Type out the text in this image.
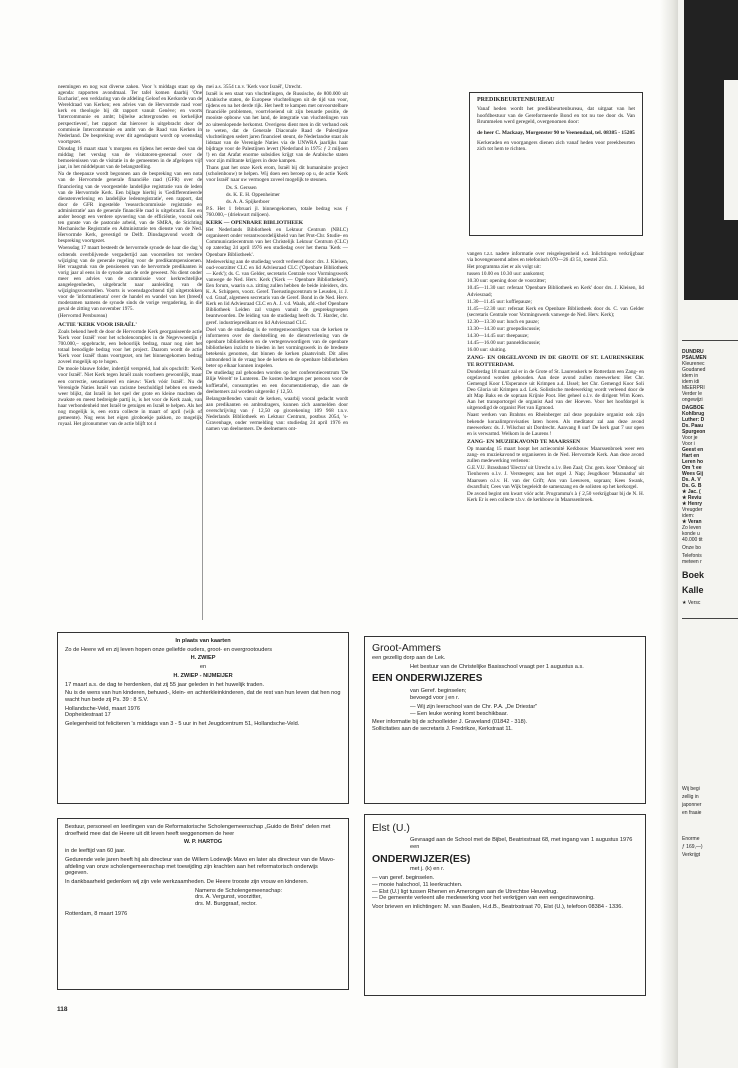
neemingen en nog wat diverse zaken. Voor 's middags staat op de agenda: rapporten avondmaal. Ter tafel komen daarbij 'One Eucharist', een verklaring van de afdeling Geloof en Kerkorde van de Wereldraad van Kerken; een advies van de Hervormde raad voor kerk en theologie bij dit rapport vanuit Genève; en voorts 'Intercommunie en ambt; bijbelse achtergronden en kerkelijke perspectieven', het rapport dat hierover is uitgebracht door de commissie Intercommunie en ambt van de Raad van Kerken in Nederland. De bespreking over dit agendapunt wordt op woensdag voortgezet.

Dinsdag 16 maart staat 's morgens en tijdens het eerste deel van de middag het verslag van de visitatoren-generaal over de bemoeienissen van de visitatie in de gemeenten in de afgelopen vijf jaar, in het middelpunt van de belangstelling.

Na de theepauze wordt begonnen aan de bespreking van een nota van de Hervormde generale financiële raad (GFR) over de financiering van de voorgestelde landelijke registratie van de leden van de Hervormde Kerk. Een bijlage hierbij is 'Gedifferentieerde dienstenverlening en landelijke ledenregistratie', een rapport, dat door de GFR ingestelde 'researchcommissie registratie en administratie' aan de generale financiële raad is uitgebracht. Een en ander beoogt een verdere opvoering van de efficiëntie, vooral ook ten gunste van de pastorale arbeid, van de SMRA, de Stichting Mechanische Registratie en Administratie ten dienste van de Ned. Hervormde Kerk, gevestigd te Delft. Dinsdagavond wordt de bespreking voortgezet.

Woensdag 17 maart besteedt de hervormde synode de haar die dag 's ochtends overblijvende vergadertijd aan voorstellen tot verdere wijziging van de generale regeling voor de predikantspensioenen. Het vraagstuk van de pensioenen van de hervormde predikanten is vorig jaar al eens in de synode aan de orde geweest. Nu dient onder meer een advies van de commissie voor kerkrechtelijke aangelegenheden, uitgebracht naar aanleiding van de wijzigingsvoorstellen. Voorts is woensdagochtend tijd uitgetrokken voor de 'informatienota' over de handel en wandel van het (breed) moderamen namens de synode sinds de vorige vergadering, in die geval de zitting van november 1975.

(Hervormd Persbureau)

ACTIE 'KERK VOOR ISRAËL'

Zoals bekend heeft de door de Hervormde Kerk georganiseerde actie 'Kerk voor Israël' voor het scholencomplex in de Negevwoestijn ƒ 700.000,– opgebracht, een behoorlijk bedrag, maar nog niet het totaal benodigde bedrag voor het project. Daarom wordt de actie 'Kerk voor Israël' thans voortgezet, om het binnengekomen bedrag zoveel mogelijk op te hogen.

De mooie blauwe folder, indertijd verspreid, had als opschrift: 'Kerk voor Israël'. Niet Kerk tegen Israël zoals voorheen gewoonlijk, maar een correctie, sensationeel en nieuw: 'Kerk vóór Israël'. Nu de Verenigde Naties Israël van racisme beschuldigd hebben en steeds weer blijkt, dat Israël in het spel der grote en kleine machten de zwakste en meest bedreigde partij is, is het voor de Kerk zaak, van haar verbondenheid met Israël te getuigen en Israël te helpen. Als het nog mogelijk is, een extra collecte in maart of april (wijk of gemeente). Nog eens het eigen giroboekje pakken, zo mogelijk royaal. Het gironummer van de actie blijft tot 4

mei a.s. 3554 t.n.v. 'Kerk voor Israël', Utrecht.

Israël is een staat van vluchtelingen, de Russische, de 800.000 uit Arabische staten, de Europese vluchtelingen uit de tijd van voor, tijdens en na het derde rijk. Het heeft te kampen met onvoorstelbare financiële problemen, voortvloeiend uit zijn benarde positie, de mooiste opbouw van het land, de integratie van vluchtelingen van zo uiteenlopende herkomst. Overigens dient men in dit verband ook te weten, dat de Generale Diaconale Raad de Palestijnse vluchtelingen sedert jaren financieel steunt, de Nederlandse staat als lidstaat van de Verenigde Naties via de UNWRA jaarlijks haar bijdrage voor de Palestijnen levert (Nederland in 1975: ƒ 2 miljoen !) en dat Arafat enorme subsidies krijgt van de Arabische staten voor zijn militante krijgers in deze kampen.

Thans gaat het onze Kerk erom, Israël bij dit humanitaire project (scholenbouw) te helpen. Wij doen een beroep op u, de actie 'Kerk voor Israël' naar uw vermogen zoveel mogelijk te steunen.

Ds. S. Gerssen

ds. K. E. H. Oppenheimer

ds. A. A. Spijkerboer

P.S. Het 1 februari jl. binnengekomen, totale bedrag was ƒ 760.000,– (driekwart miljoen).

KERK — OPENBARE BIBLIOTHEEK

Het Nederlands Bibliotheek en Lektuur Centrum (NBLC) organiseert onder verantwoordelijkheid van het Prot-Chr. Studie- en Communicatiecentrum van het Christelijk Lektuur Centrum (CLC) op zaterdag 24 april 1976 een studiedag over het thema 'Kerk — Openbare Bibliotheek'.

Medewerking aan de studiedag wordt verleend door: drs. J. Kleisen, oud-voorzitter CLC en lid Adviesraad CLC ('Openbare Bibliotheek — Kerk'); ds. C. van Gelder, secretaris Centrale voor Vormingswerk vanwege de Ned. Herv. Kerk ('Kerk — Openbare Bibliotheken'). Een forum, waarin o.a. zitting zullen hebben de beide inleiders, drs. K. A. Schippers, voorz. Geref. Toerustingscentrum te Leusden, ir. J. v.d. Graaf, algemeen secretaris van de Geref. Bond in de Ned. Herv. Kerk en lid Adviesraad CLC en A. J. v.d. Waals, afd.-chef Openbare Bibliotheek Leiden zal vragen vanuit de gespreksgroepen beantwoorden. De leiding van de studiedag heeft ds. T. Harder, chr. geref. industriepredikant en lid Adviesraad CLC.

Doel van de studiedag is de vertegenwoordigers van de kerken te informeren over de doelstelling en de dienstverlening van de openbare bibliotheken en de vertegenwoordigers van de openbare bibliotheken inzicht te bieden in het vormingswerk in de bredeste betekenis genomen, dat binnen de kerken plaatsvindt. Dit alles uitmondend in de vraag hoe de kerken en de openbare bibliotheken beter op elkaar kunnen inspelen.

De studiedag zal gehouden worden op het conferentiecentrum 'De Blije Werelt' te Lunteren. De kosten bedragen per persoon voor de koffietafel, consumpties en een documentatiemap, die aan de deelnemers zal worden uitgereikt ƒ 12,50.

Belangstellenden vanuit de kerken, waarbij vooral gedacht wordt aan predikanten en ambtsdragers, kunnen zich aanmelden door overschrijving van ƒ 12,50 op girorekening 109 968 t.n.v. Nederlands Bibliotheek en Lektuur Centrum, postbus 2054, 's-Gravenhage, onder vermelding van: studiedag 24 april 1976 en namen van deelnemers. De deelnemers ont-

PREDIKBEURTENBUREAU

Vanaf heden wordt het predikbeurtenbureau, dat uitgaat van het hoofdbestuur van de Gereformeerde Bond en tot nu toe door ds. Van Brummelen werd geregeld, overgenomen door:

de heer C. Mackaay, Morgenster 90 te Veenendaal, tel. 08385 - 15205

Kerkeraden en voorgangers dienen zich vanaf heden voor preekbeurten zich tot hem te richten.

vangen t.z.t. nadere informatie over reisgelegenheid e.d. Inlichtingen verkrijgbaar via bovengenoemd adres en telefonisch 070—26 43 51, toestel 253.

Het programma ziet er als volgt uit:

tussen 10.00 en 10.30 uur: aankomst;

10.30 uur: opening door de voorzitter;

10.45—11.30 uur: referaat 'Openbare Bibliotheek en Kerk' door drs. J. Kleisen, lid Adviesraad;

11.30—11.45 uur: koffiepauze;

11.45—12.30 uur: referaat Kerk en Openbare Bibliotheek door ds. C. van Gelder (secretaris Centrale voor Vormingswerk vanwege de Ned. Herv. Kerk);

12.30—13.30 uur: lunch en pauze;

13.30—14.30 uur: groepsdiscussie;

14.30—14.45 uur: theepauze;

14.45—16.00 uur: panneldiscussie;

16.00 uur: sluiting.

ZANG- EN ORGELAVOND IN DE GROTE OF ST. LAURENSKERK TE ROTTERDAM.

Donderdag 18 maart zal er in de Grote of St. Laurenskerk te Rotterdam een Zang- en orgelavond worden gehouden. Aan deze avond zullen meewerken: Het Chr. Gemengd Koor L'Esperance uit Krimpen a.d. IJssel; het Chr. Gemengd Koor Soli Deo Gloria uit Krimpen a.d. Lek. Solistische medewerking wordt verleend door de alt Map Baks en de sopraan Krijnie Poot. Het geheel o.l.v. de dirigent Wim Koen. Aan het transportorgel de organist Aad van der Hoeven. Voor het hoofdorgel is uitgenodigd de organist Piet van Egmond.

Naast werken van Brahms en Rheinberger zal deze populaire organist ook zijn bekende koraalimprovisaties laten horen. Als meditator zal aan deze avond meewerken: ds. J. Wilschut uit Dordrecht. Aanvang 8 uur! De kerk gaat 7 uur open en is verwarmd. Welkom in de Laurens !

ZANG- EN MUZIEKAVOND TE MAARSSEN

Op maandag 15 maart hoopt het actiecomité Kerkbouw Maarssenbroek weer een zang- en muziekavond te organiseren in de Ned. Hervormde Kerk. Aan deze avond zullen medewerking verlenen:

G.E.V.U. Brassband 'Electra' uit Utrecht o.l.v. Ben Zaal; Chr. gem. koor 'Omhoog' uit Tienhoven o.l.v. J. Versteegen; aan het orgel J. Nap; Jeugdkoor 'Maranatha' uit Maarssen o.l.v. H. van der Grift; Ans van Leeuwen, sopraan; Kees Swank, dwarsfluit; Cees van Wijk begeleidt de samenzang en de solisten op het kerkorgel.

De avond begint om kwart vóór acht. Programma's à ƒ 2,50 verkrijgbaar bij de N. H. Kerk Er is een collecte t.b.v. de kerkbouw in Maarssenbroek.

In plaats van kaarten

Zo de Heere wil en zij leven hopen onze geliefde ouders, groot- en overgrootouders

H. ZWIEP

en

H. ZWIEP - NIJMEIJER

17 maart a.s. de dag te herdenken, dat zij 55 jaar geleden in het huwelijk traden.

Nu is de wens van hun kinderen, behuwd-, klein- en achterkleinkinderen, dat de rest van hun leven dat hen nog wacht hun bede zij Ps. 39 : 8 S.V.

Hollandsche-Veld, maart 1976

Dopheidestraat 17

Gelegenheid tot feliciteren 's middags van 3 - 5 uur in het Jeugdcentrum 51, Hollandsche-Veld.

Bestuur, personeel en leerlingen van de Reformatorische Scholengemeenschap „Guido de Brès" delen met droefheid mee dat de Heere uit dit leven heeft weggenomen de heer

W. P. HARTOG

in de leeftijd van 60 jaar.

Gedurende vele jaren heeft hij als directeur van de Willem Lodewijk Mavo en later als directeur van de Mavo-afdeling van onze scholengemeenschap met toewijding zijn krachten aan het reformatorisch onderwijs gegeven.

In dankbaarheid gedenken wij zijn vele werkzaamheden. De Heere trooste zijn vrouw en kinderen.

Namens de Scholengemeenschap:

drs. A. Vergunst, voorzitter,

drs. M. Burggraaf, rector.

Rotterdam, 8 maart 1976

Groot-Ammers

een gezellig dorp aan de Lek.

Het bestuur van de Christelijke Basisschool vraagt per 1 augustus a.s.

EEN ONDERWIJZERES

van Geref. beginselen;

bevoegd voor j en r.

— Wij zijn leerschool van de Chr. P.A. „De Driestar"

— Een leuke woning komt beschikbaar.

Meer informatie bij de schoolleider J. Graveland (01842 - 318).

Sollicitaties aan de secretaris J. Fredrikze, Kerkstraat 11.

Elst (U.)

Gevraagd aan de School met de Bijbel, Beatrixstraat 68, met ingang van 1 augustus 1976 een

ONDERWIJZER(ES)

met j. (k) en r.

— van geref. beginselen.

— mooie halschool, 11 leerkrachten.

— Elst (U.) ligt tussen Rhenen en Amerongen aan de Utrechtse Heuvelrug.

— De gemeente verleent alle medewerking voor het verkrijgen van een eengezinswoning.

Voor brieven en inlichtingen: M. van Baalen, H.d.B., Beatrixstraat 70, Elst (U.), telefoon 08384 - 1336.

118
DUNDRU
PSALMEN
Kleurenec
Goudaned
idem in
idem idi
MEERPRI
Verder le
ongewijzi
DAGBOE
Kohlbrug
Luther: D
Ds. Paau
Spurgeon
Voor je
Voor i
Geest en
Hart en
Leren ho
Om 't ee
Wees Gij
Ds. A. V
Ds. G. B
★ Jac. (
★ Reviu
★ Henry
Vreugder
idem:
★ Veran
Zo leven
konde u
40.000 tit
Onze bo
Telefonis
meteen r
Boek
Kalle
★ Versc
Wij begi
zellig in
japonner
en fraaie
Enorme
ƒ 169,—)
Verkrijgt
